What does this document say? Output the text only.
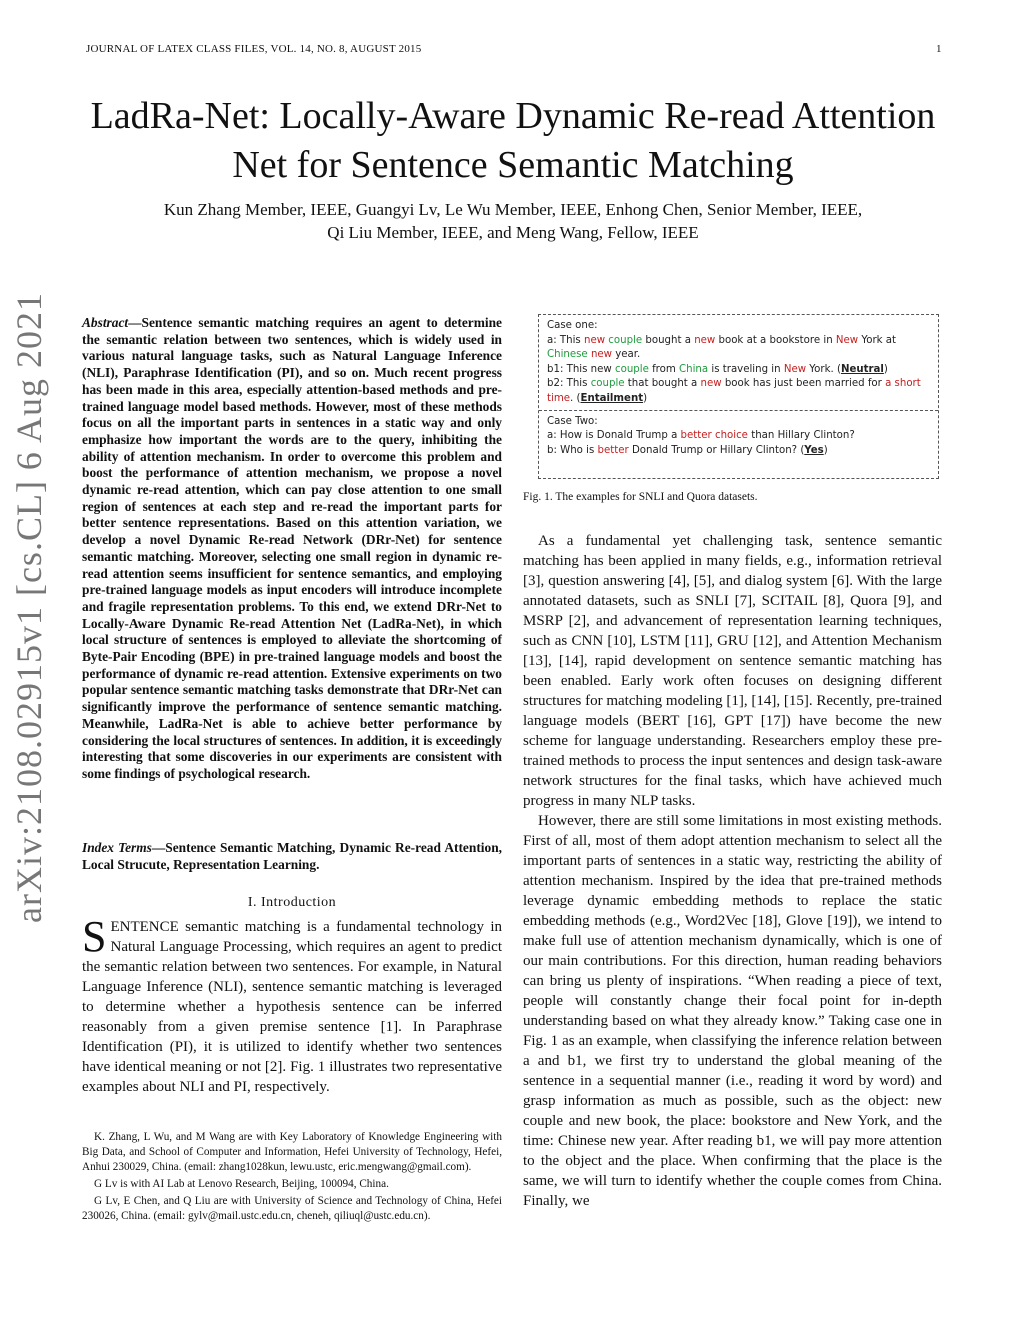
JOURNAL OF LATEX CLASS FILES, VOL. 14, NO. 8, AUGUST 2015	1
LadRa-Net: Locally-Aware Dynamic Re-read Attention Net for Sentence Semantic Matching
Kun Zhang Member, IEEE, Guangyi Lv, Le Wu Member, IEEE, Enhong Chen, Senior Member, IEEE,
Qi Liu Member, IEEE, and Meng Wang, Fellow, IEEE
arXiv:2108.02915v1 [cs.CL] 6 Aug 2021 Abstract—Sentence semantic matching requires an agent to determine the semantic relation between two sentences, which is widely used in various natural language tasks, such as Natural Language Inference (NLI), Paraphrase Identification (PI), and so on. Much recent progress has been made in this area, especially attention-based methods and pre-trained language model based methods. However, most of these methods focus on all the important parts in sentences in a static way and only emphasize how important the words are to the query, inhibiting the ability of attention mechanism. In order to overcome this problem and boost the performance of attention mechanism, we propose a novel dynamic re-read attention, which can pay close attention to one small region of sentences at each step and re-read the important parts for better sentence representations. Based on this attention variation, we develop a novel Dynamic Re-read Network (DRr-Net) for sentence semantic matching. Moreover, selecting one small region in dynamic re-read attention seems insufficient for sentence semantics, and employing pre-trained language models as input encoders will introduce incomplete and fragile representation problems. To this end, we extend DRr-Net to Locally-Aware Dynamic Re-read Attention Net (LadRa-Net), in which local structure of sentences is employed to alleviate the shortcoming of Byte-Pair Encoding (BPE) in pre-trained language models and boost the performance of dynamic re-read attention. Extensive experiments on two popular sentence semantic matching tasks demonstrate that DRr-Net can significantly improve the performance of sentence semantic matching. Meanwhile, LadRa-Net is able to achieve better performance by considering the local structures of sentences. In addition, it is exceedingly interesting that some discoveries in our experiments are consistent with some findings of psychological research.
Index Terms—Sentence Semantic Matching, Dynamic Re-read Attention, Local Strucute, Representation Learning.
I. Introduction
SENTENCE semantic matching is a fundamental technology in Natural Language Processing, which requires an agent to predict the semantic relation between two sentences. For example, in Natural Language Inference (NLI), sentence semantic matching is leveraged to determine whether a hypothesis sentence can be inferred reasonably from a given premise sentence [1]. In Paraphrase Identification (PI), it is utilized to identify whether two sentences have identical meaning or not [2]. Fig. 1 illustrates two representative examples about NLI and PI, respectively.

K. Zhang, L Wu, and M Wang are with Key Laboratory of Knowledge Engineering with Big Data, and School of Computer and Information, Hefei University of Technology, Hefei, Anhui 230029, China. (email: zhang1028kun, lewu.ustc, eric.mengwang@gmail.com).

G Lv is with AI Lab at Lenovo Research, Beijing, 100094, China.

G Lv, E Chen, and Q Liu are with University of Science and Technology of China, Hefei 230026, China. (email: gylv@mail.ustc.edu.cn, cheneh, qiliuql@ustc.edu.cn).

Case one:
a: This new couple bought a new book at a bookstore in New York at Chinese new year.
b1: This new couple from China is traveling in New York. (Neutral)
b2: This couple that bought a new book has just been married for a short time. (Entailment)
Case Two:
a: How is Donald Trump a better choice than Hillary Clinton?
b: Who is better Donald Trump or Hillary Clinton? (Yes)
Fig. 1. The examples for SNLI and Quora datasets.

As a fundamental yet challenging task, sentence semantic matching has been applied in many fields, e.g., information retrieval [3], question answering [4], [5], and dialog system [6]. With the large annotated datasets, such as SNLI [7], SCITAIL [8], Quora [9], and MSRP [2], and advancement of representation learning techniques, such as CNN [10], LSTM [11], GRU [12], and Attention Mechanism [13], [14], rapid development on sentence semantic matching has been enabled. Early work often focuses on designing different structures for matching modeling [1], [14], [15]. Recently, pre-trained language models (BERT [16], GPT [17]) have become the new scheme for language understanding. Researchers employ these pre-trained methods to process the input sentences and design task-aware network structures for the final tasks, which have achieved much progress in many NLP tasks.

However, there are still some limitations in most existing methods. First of all, most of them adopt attention mechanism to select all the important parts of sentences in a static way, restricting the ability of attention mechanism. Inspired by the idea that pre-trained methods leverage dynamic embedding methods to replace the static embedding methods (e.g., Word2Vec [18], Glove [19]), we intend to make full use of attention mechanism dynamically, which is one of our main contributions. For this direction, human reading behaviors can bring us plenty of inspirations. “When reading a piece of text, people will constantly change their focal point for in-depth understanding based on what they already know.” Taking case one in Fig. 1 as an example, when classifying the inference relation between a and b1, we first try to understand the global meaning of the sentence in a sequential manner (i.e., reading it word by word) and grasp information as much as possible, such as the object: new couple and new book, the place: bookstore and New York, and the time: Chinese new year. After reading b1, we will pay more attention to the object and the place. When confirming that the place is the same, we will turn to identify whether the couple comes from China. Finally, we
